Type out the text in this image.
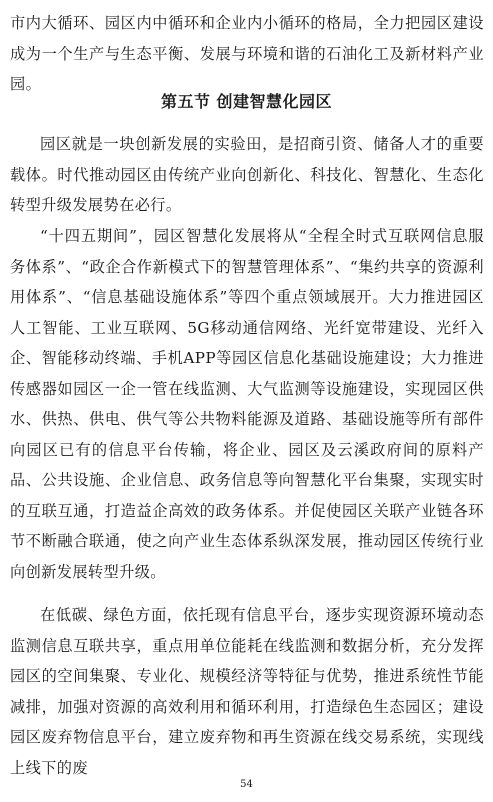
市内大循环、园区内中循环和企业内小循环的格局，全力把园区建设成为一个生产与生态平衡、发展与环境和谐的石油化工及新材料产业园。

第五节 创建智慧化园区

园区就是一块创新发展的实验田，是招商引资、储备人才的重要载体。时代推动园区由传统产业向创新化、科技化、智慧化、生态化转型升级发展势在必行。

“十四五期间”，园区智慧化发展将从“全程全时式互联网信息服务体系”、“政企合作新模式下的智慧管理体系”、“集约共享的资源利用体系”、“信息基础设施体系”等四个重点领域展开。大力推进园区人工智能、工业互联网、5G移动通信网络、光纤宽带建设、光纤入企、智能移动终端、手机APP等园区信息化基础设施建设；大力推进传感器如园区一企一管在线监测、大气监测等设施建设，实现园区供水、供热、供电、供气等公共物料能源及道路、基础设施等所有部件向园区已有的信息平台传输，将企业、园区及云溪政府间的原料产品、公共设施、企业信息、政务信息等向智慧化平台集聚，实现实时的互联互通，打造益企高效的政务体系。并促使园区关联产业链各环节不断融合联通，使之向产业生态体系纵深发展，推动园区传统行业向创新发展转型升级。

在低碳、绿色方面，依托现有信息平台，逐步实现资源环境动态监测信息互联共享，重点用单位能耗在线监测和数据分析，充分发挥园区的空间集聚、专业化、规模经济等特征与优势，推进系统性节能减排，加强对资源的高效利用和循环利用，打造绿色生态园区；建设园区废弃物信息平台，建立废弃物和再生资源在线交易系统，实现线上线下的废

54
